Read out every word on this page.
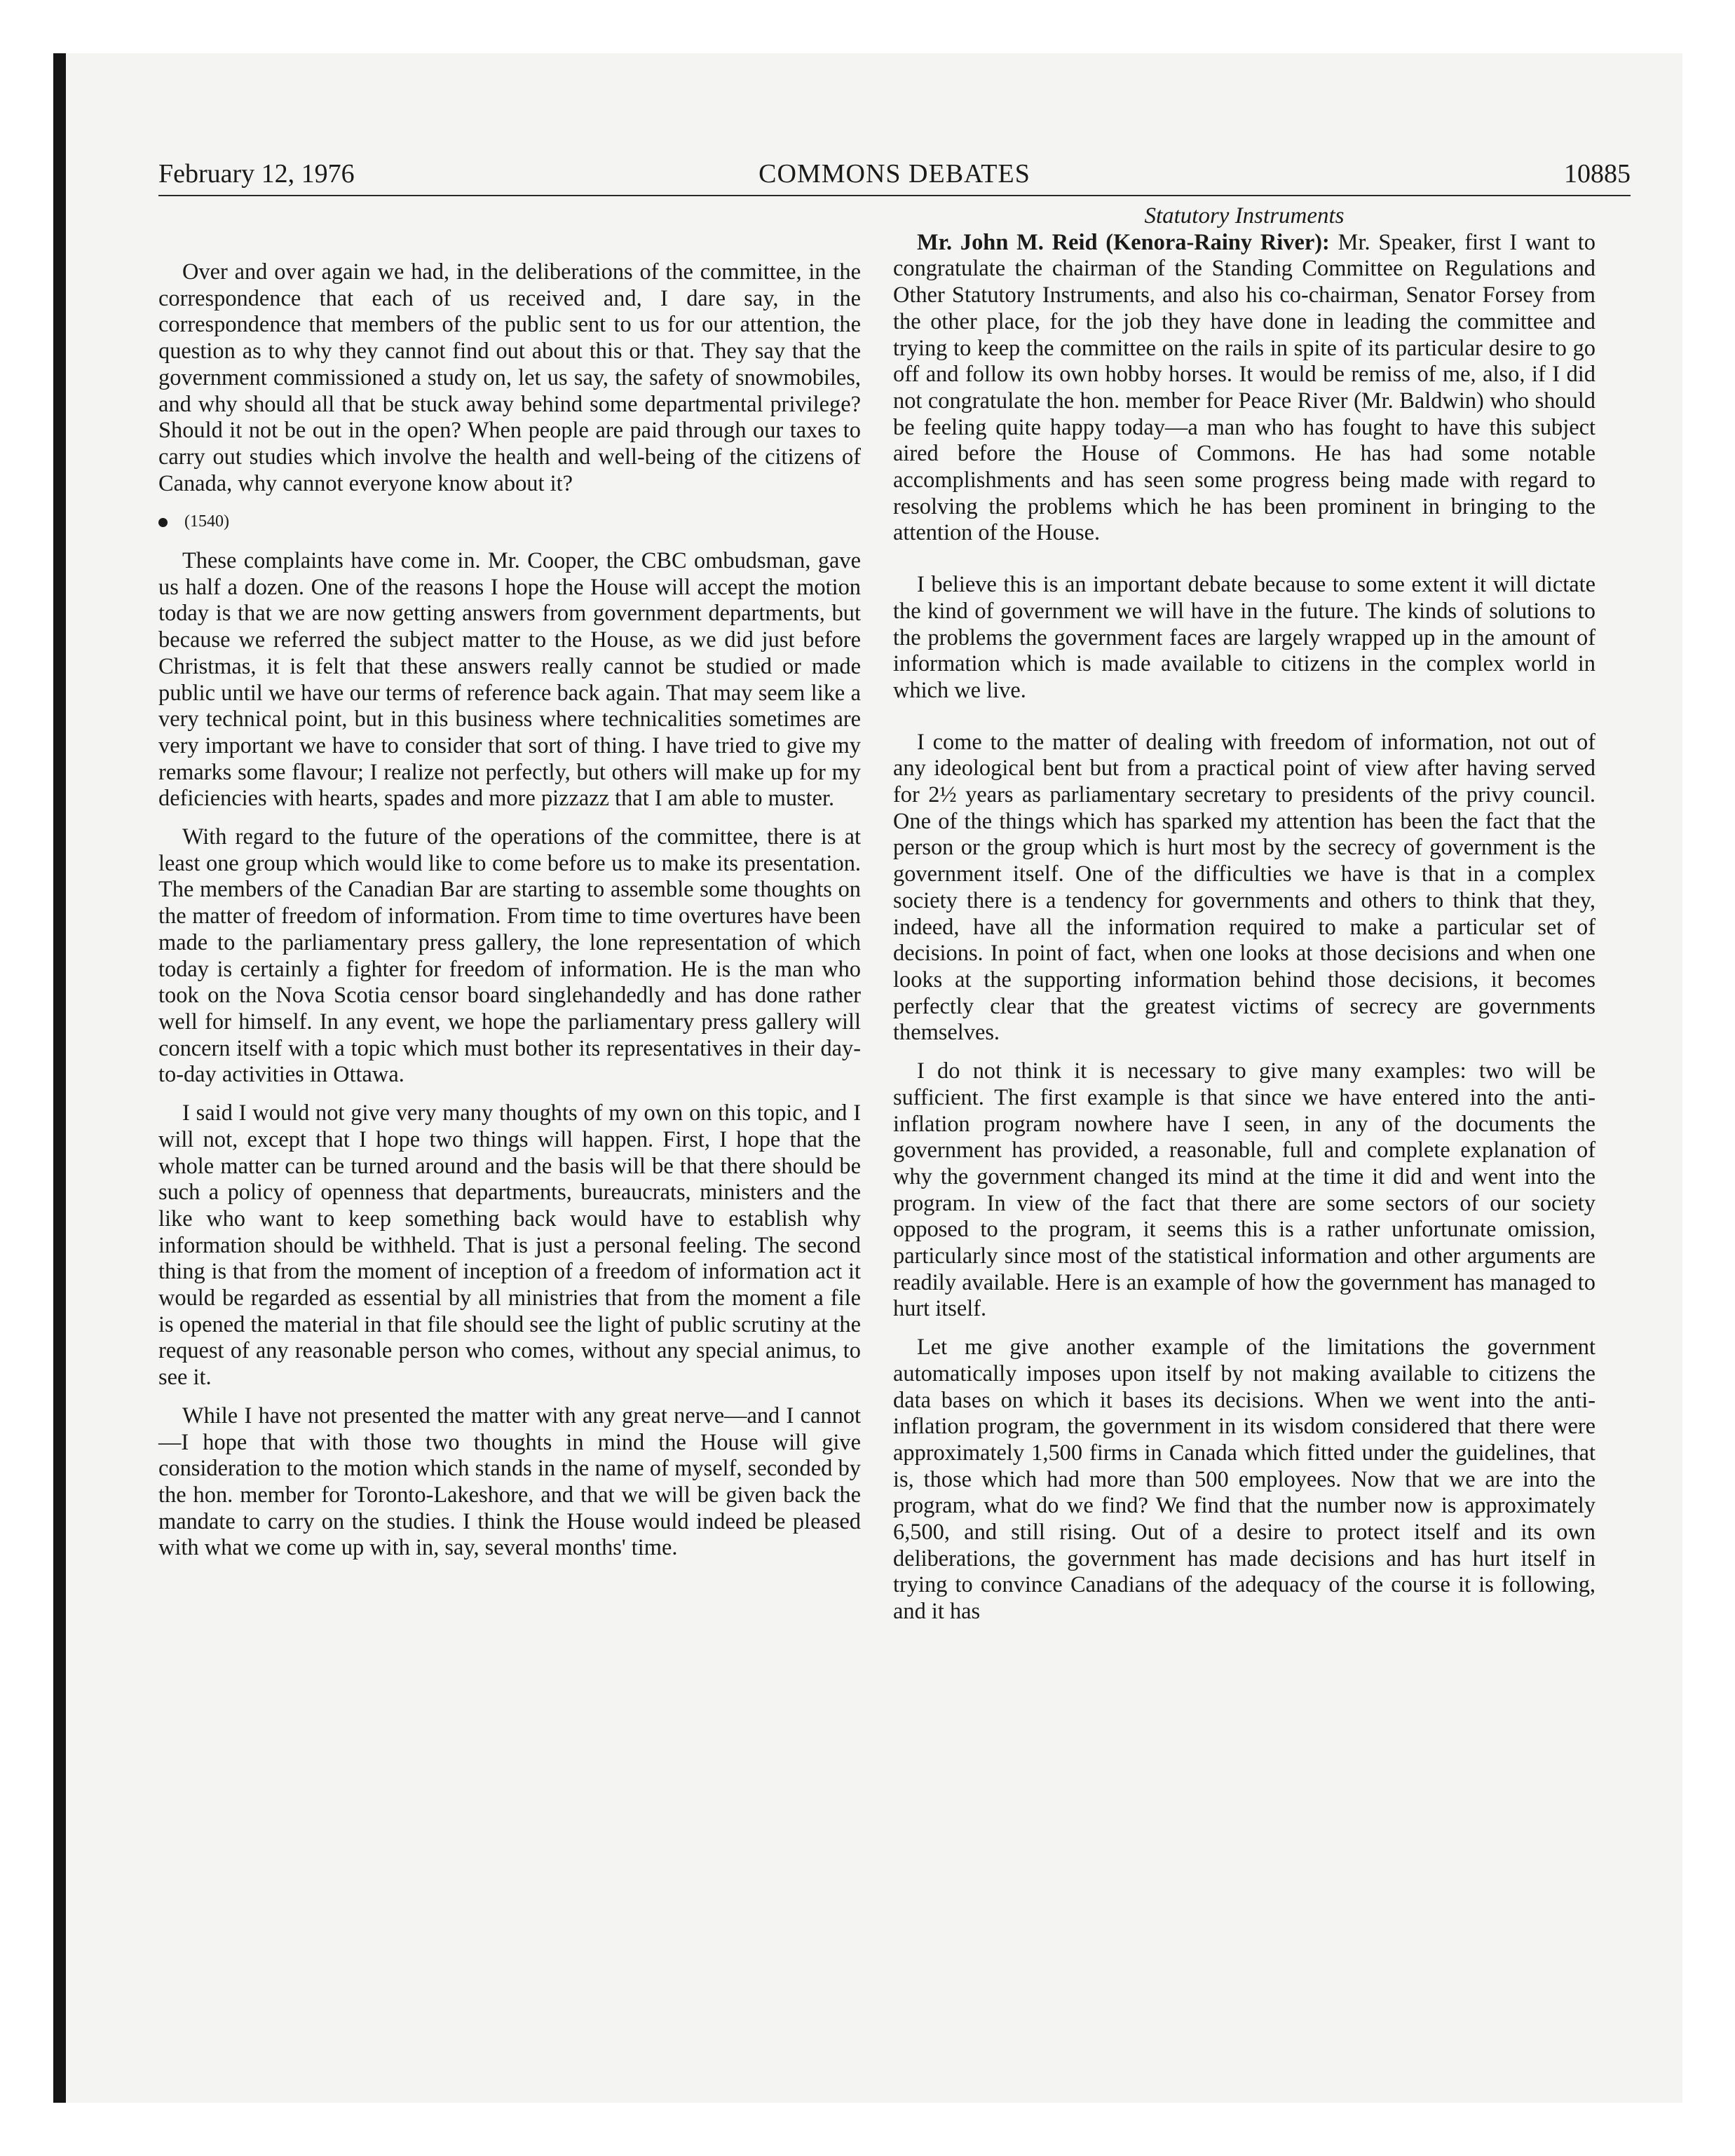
February 12, 1976	COMMONS DEBATES	10885

Over and over again we had, in the deliberations of the committee, in the correspondence that each of us received and, I dare say, in the correspondence that members of the public sent to us for our attention, the question as to why they cannot find out about this or that. They say that the government commissioned a study on, let us say, the safety of snowmobiles, and why should all that be stuck away behind some departmental privilege? Should it not be out in the open? When people are paid through our taxes to carry out studies which involve the health and well-being of the citizens of Canada, why cannot everyone know about it?

(1540)

These complaints have come in. Mr. Cooper, the CBC ombudsman, gave us half a dozen. One of the reasons I hope the House will accept the motion today is that we are now getting answers from government departments, but because we referred the subject matter to the House, as we did just before Christmas, it is felt that these answers really cannot be studied or made public until we have our terms of reference back again. That may seem like a very technical point, but in this business where technicalities sometimes are very important we have to consider that sort of thing. I have tried to give my remarks some flavour; I realize not perfectly, but others will make up for my deficiencies with hearts, spades and more pizzazz that I am able to muster.

With regard to the future of the operations of the committee, there is at least one group which would like to come before us to make its presentation. The members of the Canadian Bar are starting to assemble some thoughts on the matter of freedom of information. From time to time overtures have been made to the parliamentary press gallery, the lone representation of which today is certainly a fighter for freedom of information. He is the man who took on the Nova Scotia censor board singlehandedly and has done rather well for himself. In any event, we hope the parliamentary press gallery will concern itself with a topic which must bother its representatives in their day-to-day activities in Ottawa.

I said I would not give very many thoughts of my own on this topic, and I will not, except that I hope two things will happen. First, I hope that the whole matter can be turned around and the basis will be that there should be such a policy of openness that departments, bureaucrats, ministers and the like who want to keep something back would have to establish why information should be withheld. That is just a personal feeling. The second thing is that from the moment of inception of a freedom of information act it would be regarded as essential by all ministries that from the moment a file is opened the material in that file should see the light of public scrutiny at the request of any reasonable person who comes, without any special animus, to see it.

While I have not presented the matter with any great nerve—and I cannot—I hope that with those two thoughts in mind the House will give consideration to the motion which stands in the name of myself, seconded by the hon. member for Toronto-Lakeshore, and that we will be given back the mandate to carry on the studies. I think the House would indeed be pleased with what we come up with in, say, several months' time.

Statutory Instruments

Mr. John M. Reid (Kenora-Rainy River): Mr. Speaker, first I want to congratulate the chairman of the Standing Committee on Regulations and Other Statutory Instruments, and also his co-chairman, Senator Forsey from the other place, for the job they have done in leading the committee and trying to keep the committee on the rails in spite of its particular desire to go off and follow its own hobby horses. It would be remiss of me, also, if I did not congratulate the hon. member for Peace River (Mr. Baldwin) who should be feeling quite happy today—a man who has fought to have this subject aired before the House of Commons. He has had some notable accomplishments and has seen some progress being made with regard to resolving the problems which he has been prominent in bringing to the attention of the House.

I believe this is an important debate because to some extent it will dictate the kind of government we will have in the future. The kinds of solutions to the problems the government faces are largely wrapped up in the amount of information which is made available to citizens in the complex world in which we live.

I come to the matter of dealing with freedom of information, not out of any ideological bent but from a practical point of view after having served for 2½ years as parliamentary secretary to presidents of the privy council. One of the things which has sparked my attention has been the fact that the person or the group which is hurt most by the secrecy of government is the government itself. One of the difficulties we have is that in a complex society there is a tendency for governments and others to think that they, indeed, have all the information required to make a particular set of decisions. In point of fact, when one looks at those decisions and when one looks at the supporting information behind those decisions, it becomes perfectly clear that the greatest victims of secrecy are governments themselves.

I do not think it is necessary to give many examples: two will be sufficient. The first example is that since we have entered into the anti-inflation program nowhere have I seen, in any of the documents the government has provided, a reasonable, full and complete explanation of why the government changed its mind at the time it did and went into the program. In view of the fact that there are some sectors of our society opposed to the program, it seems this is a rather unfortunate omission, particularly since most of the statistical information and other arguments are readily available. Here is an example of how the government has managed to hurt itself.

Let me give another example of the limitations the government automatically imposes upon itself by not making available to citizens the data bases on which it bases its decisions. When we went into the anti-inflation program, the government in its wisdom considered that there were approximately 1,500 firms in Canada which fitted under the guidelines, that is, those which had more than 500 employees. Now that we are into the program, what do we find? We find that the number now is approximately 6,500, and still rising. Out of a desire to protect itself and its own deliberations, the government has made decisions and has hurt itself in trying to convince Canadians of the adequacy of the course it is following, and it has
